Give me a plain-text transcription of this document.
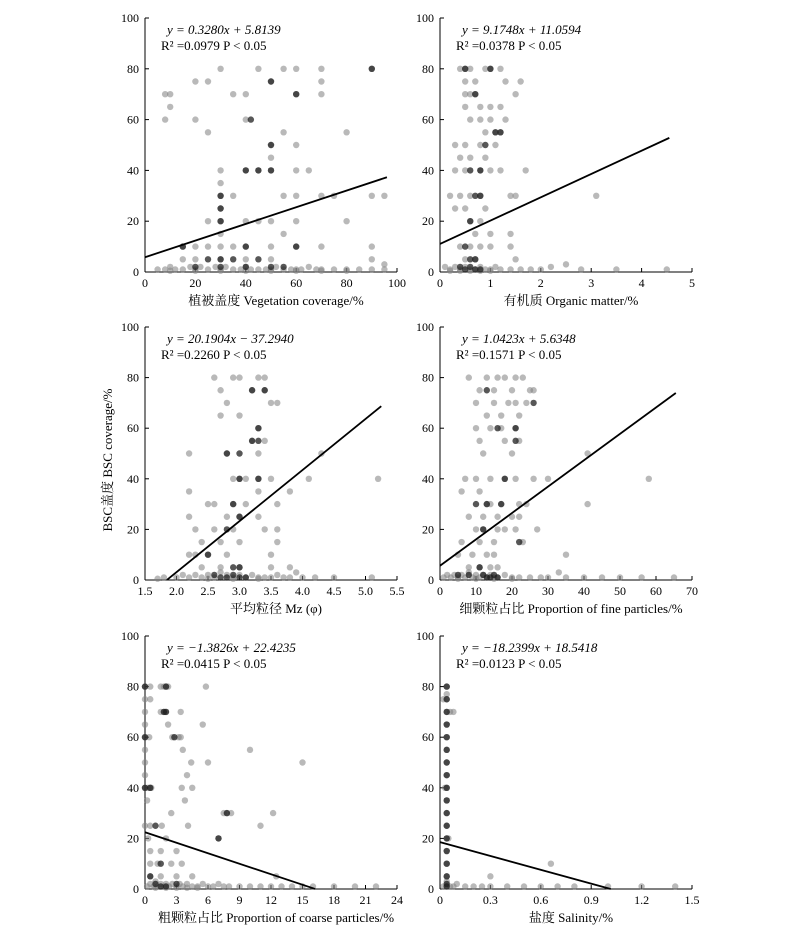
0
20
40
60
80
100
0	20	40	60	80	100
y = 0.3280x + 5.8139
R² =0.0979 P < 0.05
植被盖度 Vegetation coverage/%
0
20
40
60
80
100
0	1	2	3	4	5
y = 9.1748x + 11.0594
R² =0.0378 P < 0.05
有机质 Organic matter/%
0
20
40
60
80
100
1.5 2.0 2.5 3.0 3.5 4.0 4.5 5.0 5.5
y = 20.1904x − 37.2940
R² =0.2260 P < 0.05
平均粒径 Mz (φ)
0
20
40
60
80
100
0 10 20 30 40 50 60 70
y = 1.0423x + 5.6348
R² =0.1571 P < 0.05
细颗粒占比 Proportion of fine particles/%
0
20
40
60
80
100
0 3 6 9 12 15 18 21 24
y = −1.3826x + 22.4235
R² =0.0415 P < 0.05
粗颗粒占比 Proportion of coarse particles/%
0
20
40
60
80
100
0	0.3	0.6	0.9	1.2	1.5
y = −18.2399x + 18.5418
R² =0.0123 P < 0.05
盐度 Salinity/%
BSC盖度 BSC coverage/%
